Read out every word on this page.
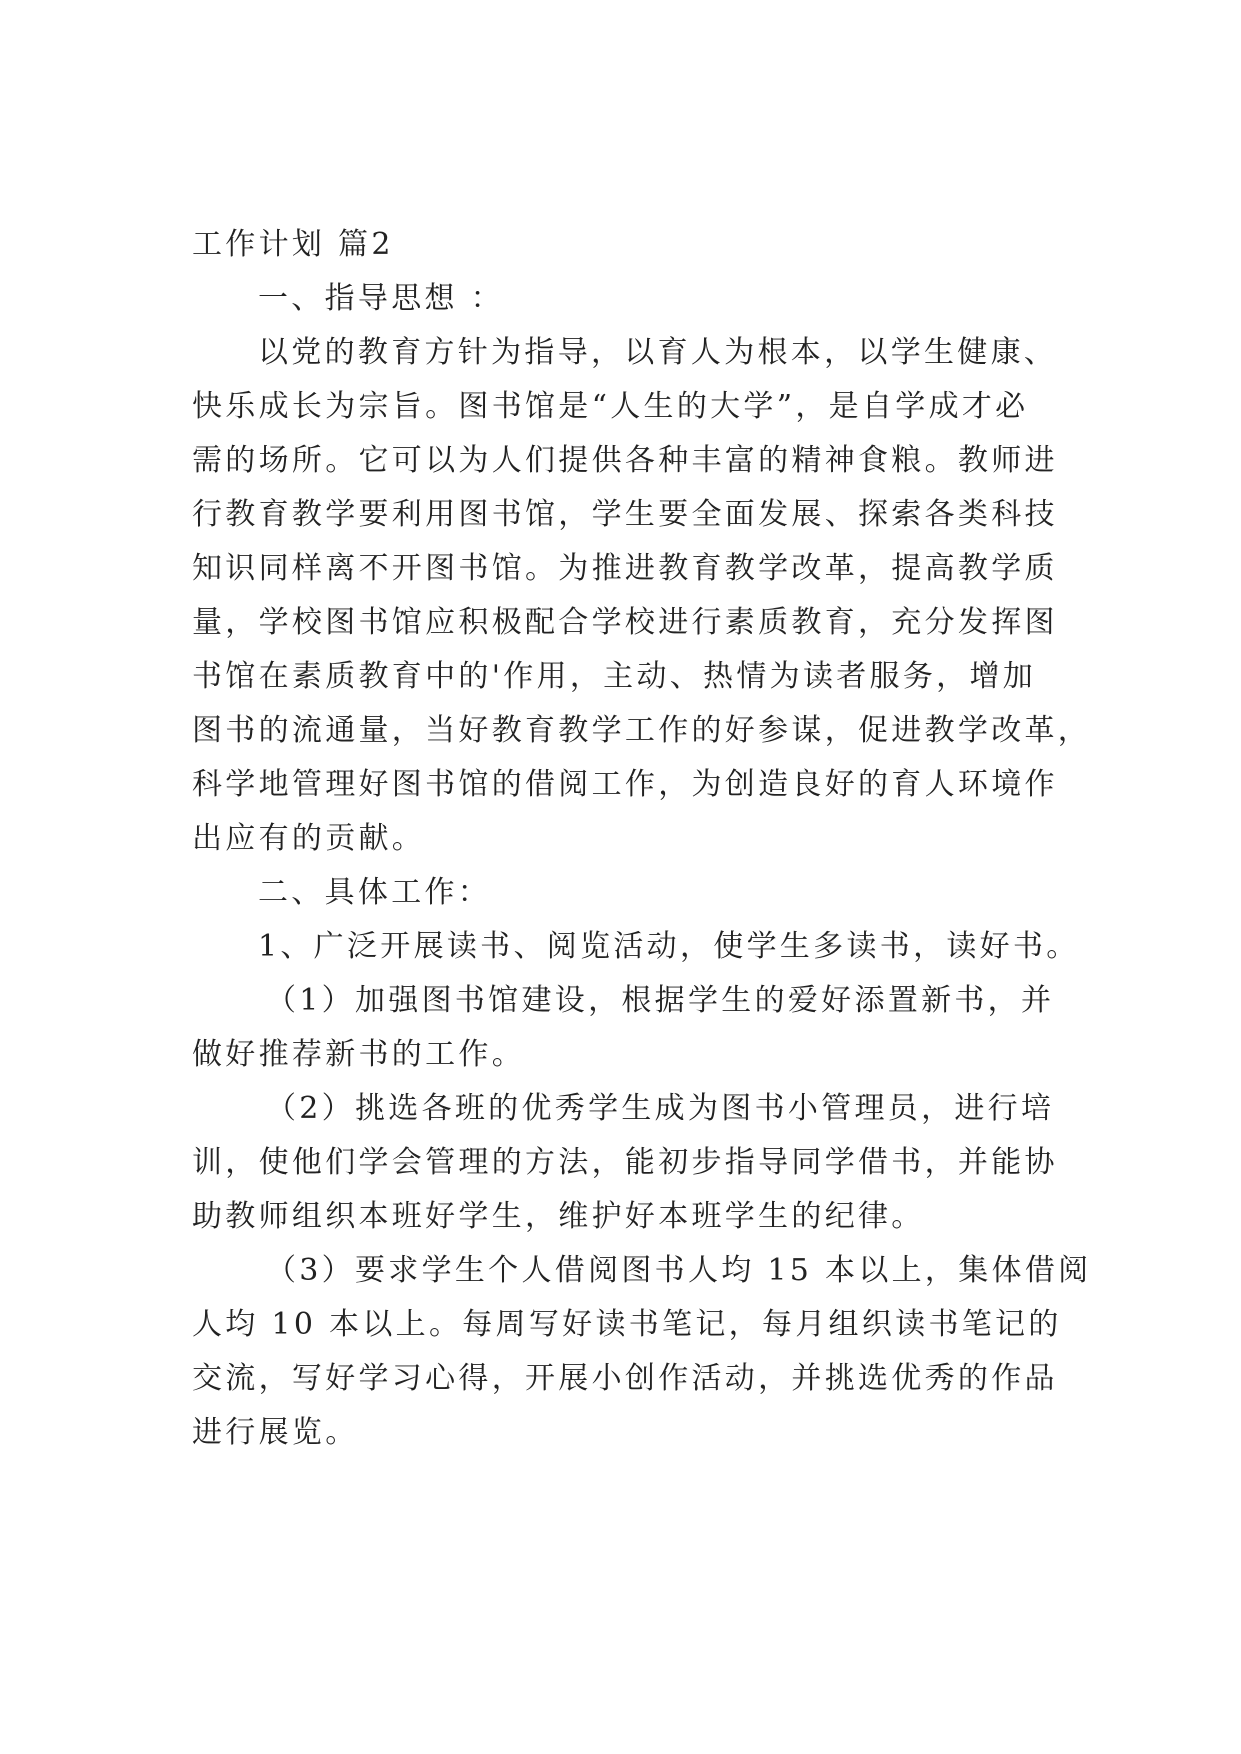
工作计划 篇2
一、指导思想 ：
以党的教育方针为指导，以育人为根本，以学生健康、
快乐成长为宗旨。图书馆是“人生的大学”，是自学成才必
需的场所。它可以为人们提供各种丰富的精神食粮。教师进
行教育教学要利用图书馆，学生要全面发展、探索各类科技
知识同样离不开图书馆。为推进教育教学改革，提高教学质
量，学校图书馆应积极配合学校进行素质教育，充分发挥图
书馆在素质教育中的'作用，主动、热情为读者服务，增加
图书的流通量，当好教育教学工作的好参谋，促进教学改革，
科学地管理好图书馆的借阅工作，为创造良好的育人环境作
出应有的贡献。
二、具体工作：
1、广泛开展读书、阅览活动，使学生多读书，读好书。
（1）加强图书馆建设，根据学生的爱好添置新书，并
做好推荐新书的工作。
（2）挑选各班的优秀学生成为图书小管理员，进行培
训，使他们学会管理的方法，能初步指导同学借书，并能协
助教师组织本班好学生，维护好本班学生的纪律。
（3）要求学生个人借阅图书人均 15 本以上，集体借阅
人均 10 本以上。每周写好读书笔记，每月组织读书笔记的
交流，写好学习心得，开展小创作活动，并挑选优秀的作品
进行展览。
